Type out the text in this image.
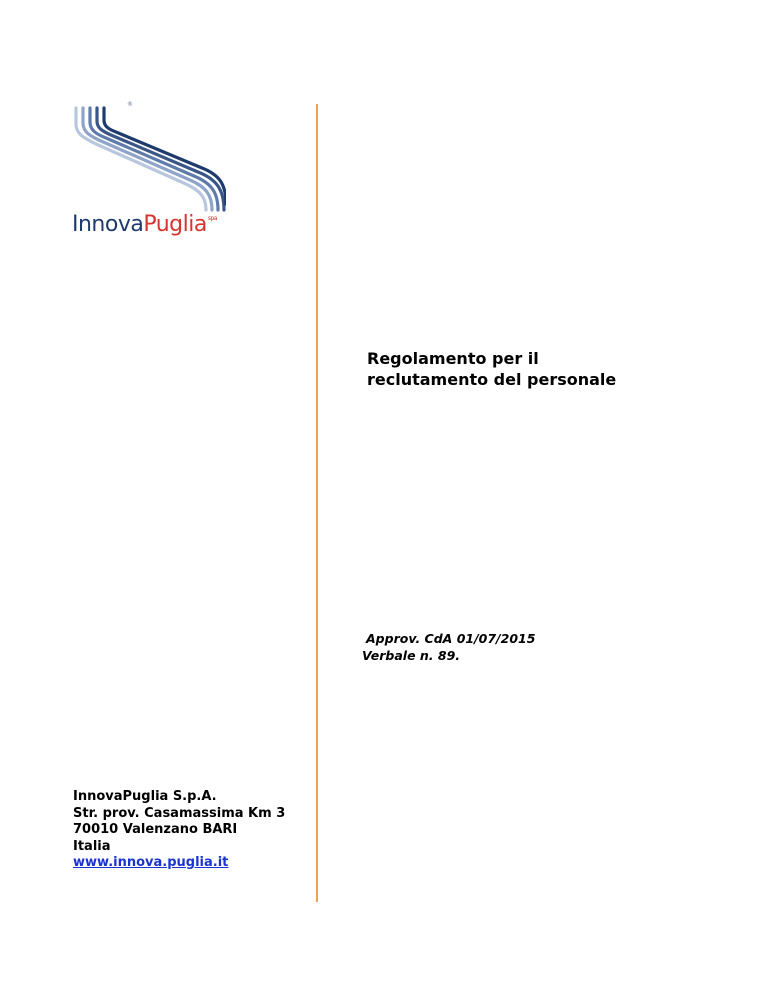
®
InnovaPuglia$^{spa}$
Regolamento per il
reclutamento del personale
Approv. CdA 01/07/2015
Verbale n. 89.
InnovaPuglia S.p.A.
Str. prov. Casamassima Km 3
70010 Valenzano BARI
Italia
www.innova.puglia.it
